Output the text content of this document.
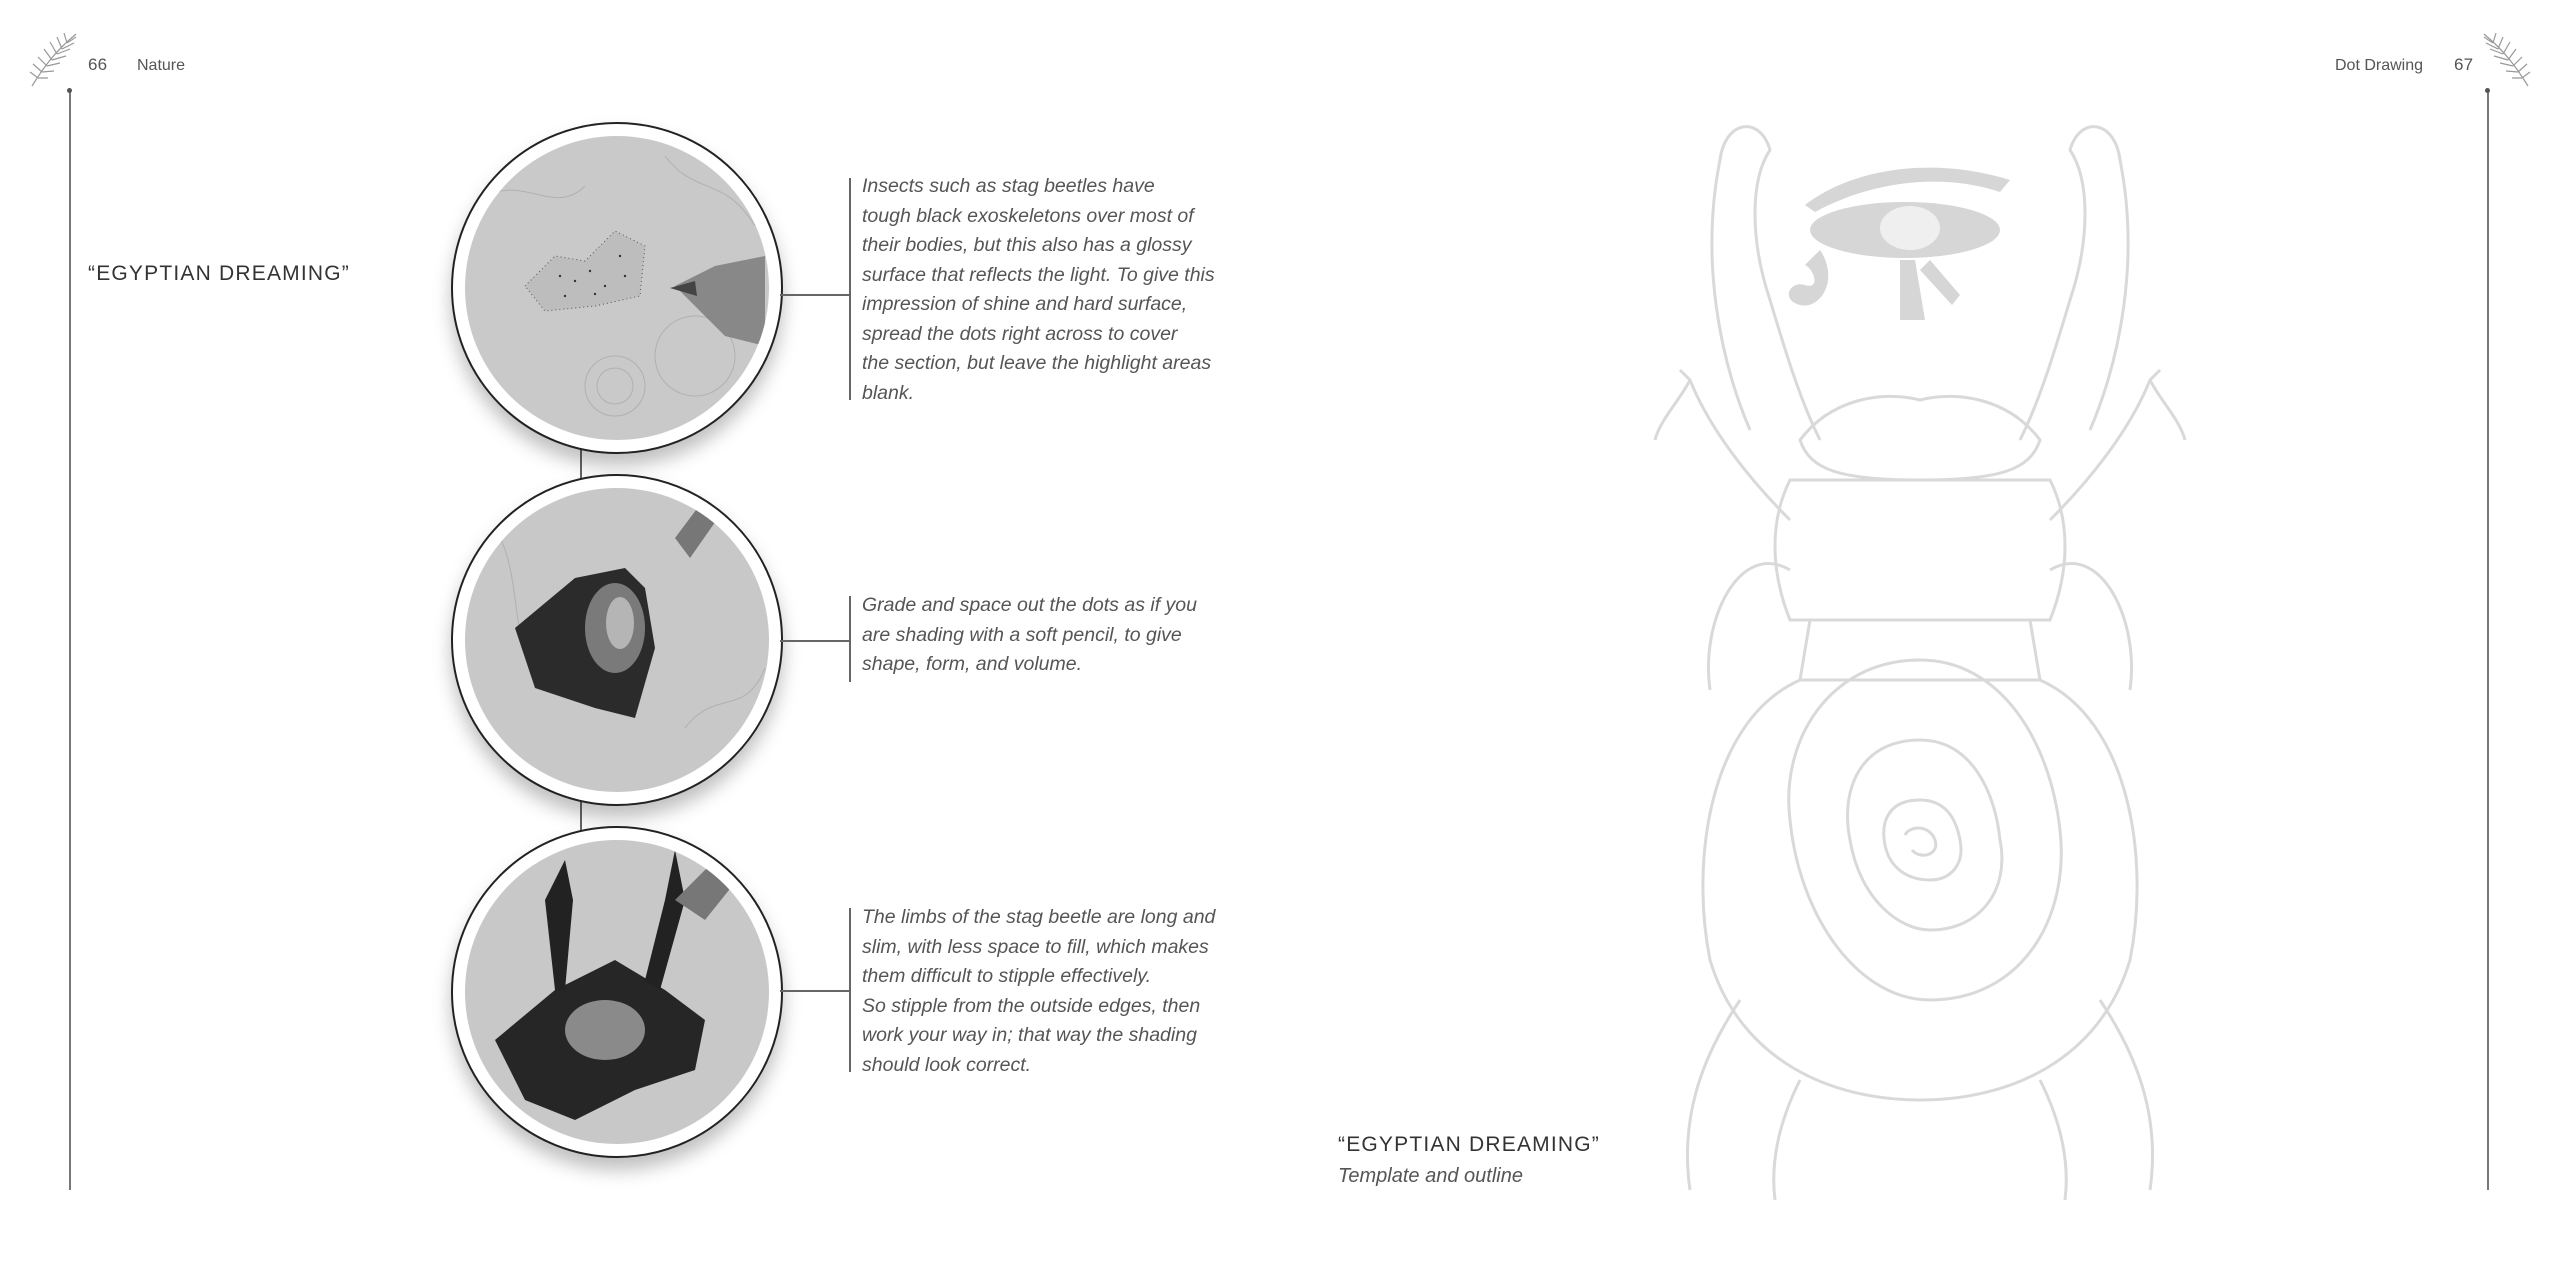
66 Nature
“EGYPTIAN DREAMING”
Insects such as stag beetles have
tough black exoskeletons over most of
their bodies, but this also has a glossy
surface that reflects the light. To give this
impression of shine and hard surface,
spread the dots right across to cover
the section, but leave the highlight areas
blank.
Grade and space out the dots as if you
are shading with a soft pencil, to give
shape, form, and volume.
The limbs of the stag beetle are long and
slim, with less space to fill, which makes
them difficult to stipple effectively.
So stipple from the outside edges, then
work your way in; that way the shading
should look correct.
Dot Drawing 67
“EGYPTIAN DREAMING”
Template and outline
